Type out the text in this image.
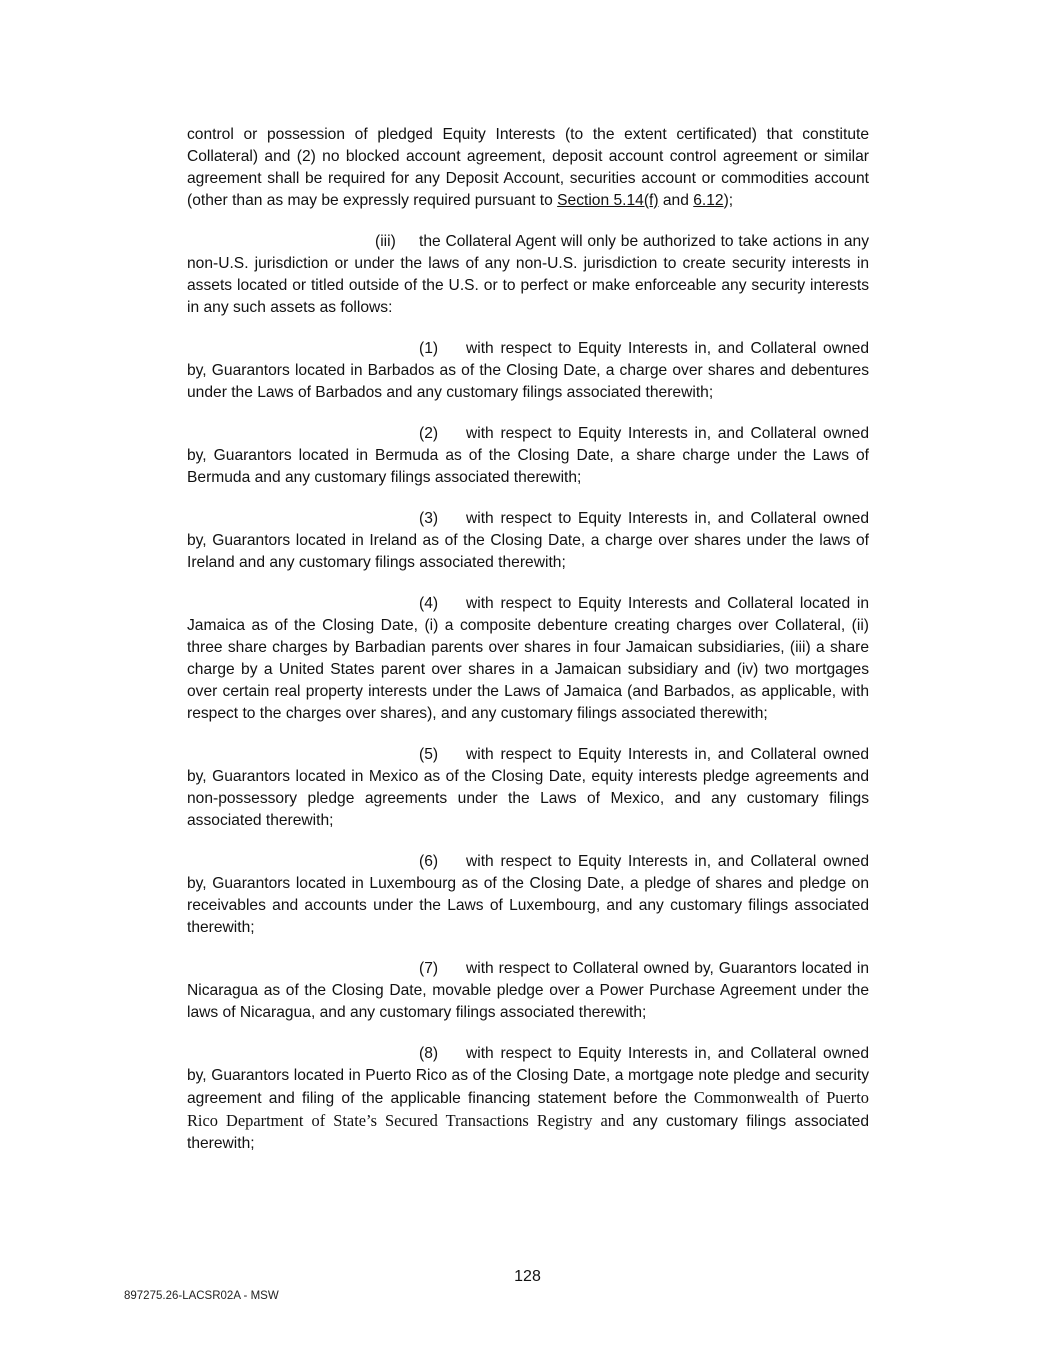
control or possession of pledged Equity Interests (to the extent certificated) that constitute Collateral) and (2) no blocked account agreement, deposit account control agreement or similar agreement shall be required for any Deposit Account, securities account or commodities account (other than as may be expressly required pursuant to Section 5.14(f) and 6.12);

(iii) the Collateral Agent will only be authorized to take actions in any non-U.S. jurisdiction or under the laws of any non-U.S. jurisdiction to create security interests in assets located or titled outside of the U.S. or to perfect or make enforceable any security interests in any such assets as follows:

(1) with respect to Equity Interests in, and Collateral owned by, Guarantors located in Barbados as of the Closing Date, a charge over shares and debentures under the Laws of Barbados and any customary filings associated therewith;

(2) with respect to Equity Interests in, and Collateral owned by, Guarantors located in Bermuda as of the Closing Date, a share charge under the Laws of Bermuda and any customary filings associated therewith;

(3) with respect to Equity Interests in, and Collateral owned by, Guarantors located in Ireland as of the Closing Date, a charge over shares under the laws of Ireland and any customary filings associated therewith;

(4) with respect to Equity Interests and Collateral located in Jamaica as of the Closing Date, (i) a composite debenture creating charges over Collateral, (ii) three share charges by Barbadian parents over shares in four Jamaican subsidiaries, (iii) a share charge by a United States parent over shares in a Jamaican subsidiary and (iv) two mortgages over certain real property interests under the Laws of Jamaica (and Barbados, as applicable, with respect to the charges over shares), and any customary filings associated therewith;

(5) with respect to Equity Interests in, and Collateral owned by, Guarantors located in Mexico as of the Closing Date, equity interests pledge agreements and non-possessory pledge agreements under the Laws of Mexico, and any customary filings associated therewith;

(6) with respect to Equity Interests in, and Collateral owned by, Guarantors located in Luxembourg as of the Closing Date, a pledge of shares and pledge on receivables and accounts under the Laws of Luxembourg, and any customary filings associated therewith;

(7) with respect to Collateral owned by, Guarantors located in Nicaragua as of the Closing Date, movable pledge over a Power Purchase Agreement under the laws of Nicaragua, and any customary filings associated therewith;

(8) with respect to Equity Interests in, and Collateral owned by, Guarantors located in Puerto Rico as of the Closing Date, a mortgage note pledge and security agreement and filing of the applicable financing statement before the Commonwealth of Puerto Rico Department of State’s Secured Transactions Registry and any customary filings associated therewith;

128
897275.26-LACSR02A - MSW
